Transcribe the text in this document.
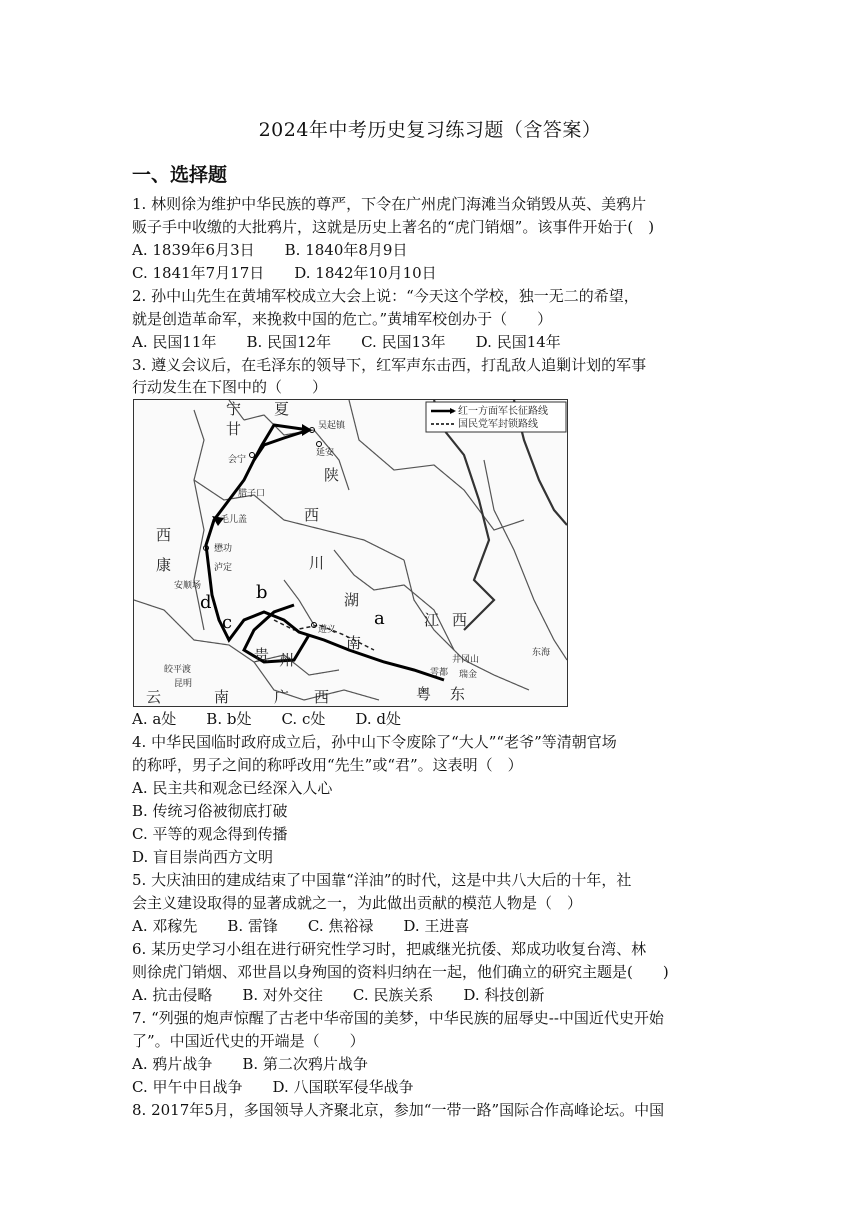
2024年中考历史复习练习题（含答案）
一、选择题
1. 林则徐为维护中华民族的尊严，下令在广州虎门海滩当众销毁从英、美鸦片
贩子手中收缴的大批鸦片，这就是历史上著名的“虎门销烟”。该事件开始于(　)
A. 1839年6月3日　　B. 1840年8月9日
C. 1841年7月17日　　D. 1842年10月10日
2. 孙中山先生在黄埔军校成立大会上说：“今天这个学校，独一无二的希望，
就是创造革命军，来挽救中国的危亡。”黄埔军校创办于（　　）
A. 民国11年　　B. 民国12年　　C. 民国13年　　D. 民国14年
3. 遵义会议后，在毛泽东的领导下，红军声东击西，打乱敌人追剿计划的军事
行动发生在下图中的（　　）
红一方面军长征路线
国民党军封锁路线
宁 夏
甘
陕
西
川
西
康
湖
南
江 西
贵 州
广 西
云	南	东
粤
吴起镇
延安
会宁
腊子口
毛儿盖
懋功
泸定
安顺场
遵义
皎平渡
昆明
井冈山
瑞金
雩都
东海
a
b
c
d
A. a处　　B. b处　　C. c处　　D. d处
4. 中华民国临时政府成立后，孙中山下令废除了“大人”“老爷”等清朝官场
的称呼，男子之间的称呼改用“先生”或“君”。这表明（　）
A. 民主共和观念已经深入人心
B. 传统习俗被彻底打破
C. 平等的观念得到传播
D. 盲目崇尚西方文明
5. 大庆油田的建成结束了中国靠“洋油”的时代，这是中共八大后的十年，社
会主义建设取得的显著成就之一，为此做出贡献的模范人物是（　）
A. 邓稼先　　B. 雷锋　　C. 焦裕禄　　D. 王进喜
6. 某历史学习小组在进行研究性学习时，把戚继光抗倭、郑成功收复台湾、林
则徐虎门销烟、邓世昌以身殉国的资料归纳在一起，他们确立的研究主题是(　　)
A. 抗击侵略　　B. 对外交往　　C. 民族关系　　D. 科技创新
7. “列强的炮声惊醒了古老中华帝国的美梦，中华民族的屈辱史--中国近代史开始
了”。中国近代史的开端是（　　）
A. 鸦片战争　　B. 第二次鸦片战争
C. 甲午中日战争　　D. 八国联军侵华战争
8. 2017年5月，多国领导人齐聚北京，参加“一带一路”国际合作高峰论坛。中国
